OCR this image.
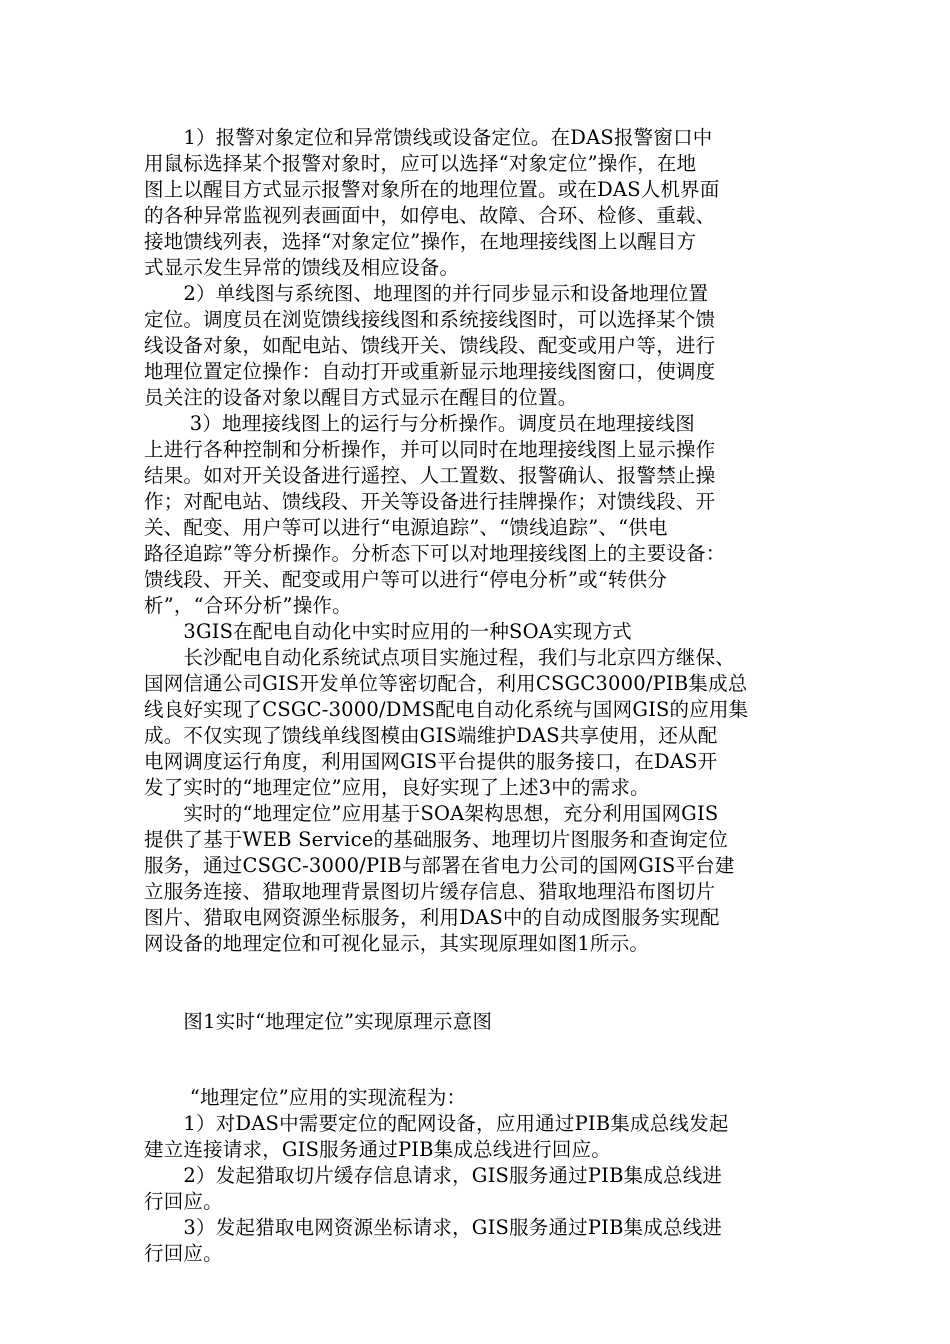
　　1）报警对象定位和异常馈线或设备定位。在DAS报警窗口中
用鼠标选择某个报警对象时，应可以选择“对象定位”操作，在地
图上以醒目方式显示报警对象所在的地理位置。或在DAS人机界面
的各种异常监视列表画面中，如停电、故障、合环、检修、重载、
接地馈线列表，选择“对象定位”操作，在地理接线图上以醒目方
式显示发生异常的馈线及相应设备。
　　2）单线图与系统图、地理图的并行同步显示和设备地理位置
定位。调度员在浏览馈线接线图和系统接线图时，可以选择某个馈
线设备对象，如配电站、馈线开关、馈线段、配变或用户等，进行
地理位置定位操作：自动打开或重新显示地理接线图窗口，使调度
员关注的设备对象以醒目方式显示在醒目的位置。
　　 3）地理接线图上的运行与分析操作。调度员在地理接线图
上进行各种控制和分析操作，并可以同时在地理接线图上显示操作
结果。如对开关设备进行遥控、人工置数、报警确认、报警禁止操
作；对配电站、馈线段、开关等设备进行挂牌操作；对馈线段、开
关、配变、用户等可以进行“电源追踪”、“馈线追踪”、“供电
路径追踪”等分析操作。分析态下可以对地理接线图上的主要设备：
馈线段、开关、配变或用户等可以进行“停电分析”或“转供分
析”，“合环分析”操作。
　　3GIS在配电自动化中实时应用的一种SOA实现方式
　　长沙配电自动化系统试点项目实施过程，我们与北京四方继保、
国网信通公司GIS开发单位等密切配合，利用CSGC3000/PIB集成总
线良好实现了CSGC-3000/DMS配电自动化系统与国网GIS的应用集
成。不仅实现了馈线单线图模由GIS端维护DAS共享使用，还从配
电网调度运行角度，利用国网GIS平台提供的服务接口，在DAS开
发了实时的“地理定位”应用，良好实现了上述3中的需求。
　　实时的“地理定位”应用基于SOA架构思想，充分利用国网GIS
提供了基于WEB Service的基础服务、地理切片图服务和查询定位
服务，通过CSGC-3000/PIB与部署在省电力公司的国网GIS平台建
立服务连接、猎取地理背景图切片缓存信息、猎取地理沿布图切片
图片、猎取电网资源坐标服务，利用DAS中的自动成图服务实现配
网设备的地理定位和可视化显示，其实现原理如图1所示。
　　图1实时“地理定位”实现原理示意图
　　 “地理定位”应用的实现流程为：
　　1）对DAS中需要定位的配网设备，应用通过PIB集成总线发起
建立连接请求，GIS服务通过PIB集成总线进行回应。
　　2）发起猎取切片缓存信息请求，GIS服务通过PIB集成总线进
行回应。
　　3）发起猎取电网资源坐标请求，GIS服务通过PIB集成总线进
行回应。
